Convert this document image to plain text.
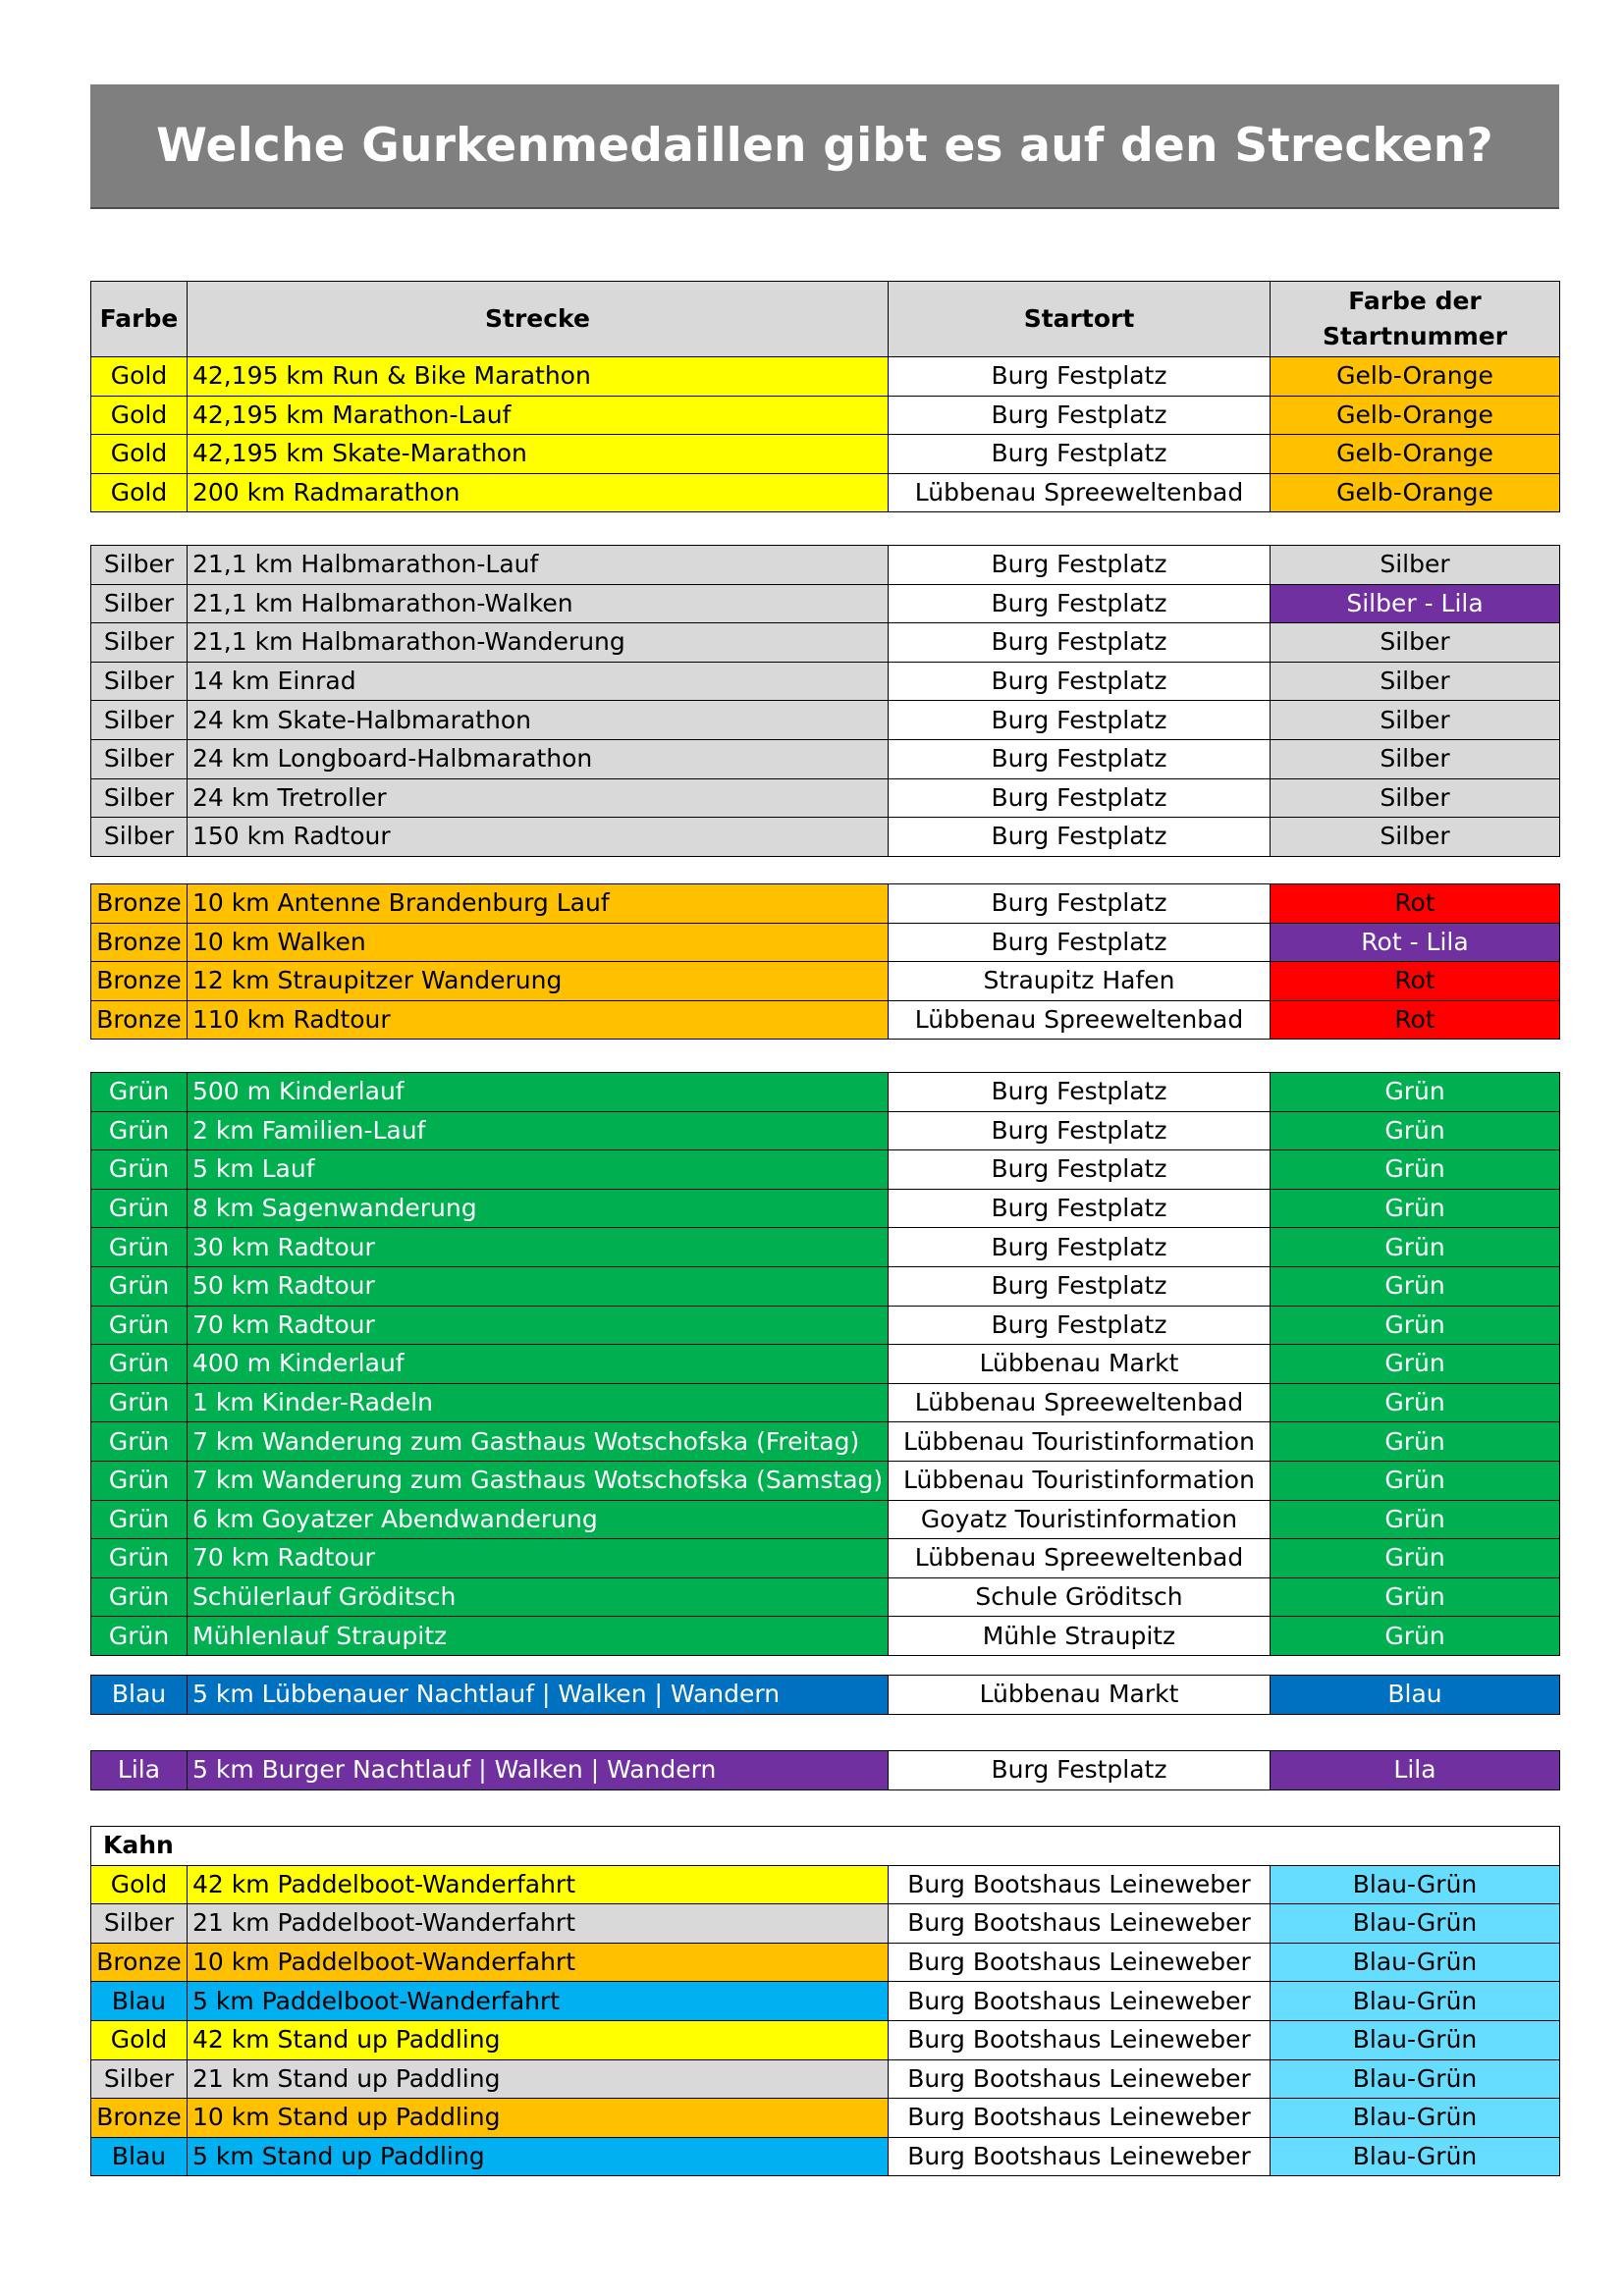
Welche Gurkenmedaillen gibt es auf den Strecken?
Farbe	Strecke	Startort	Farbe der Startnummer
Gold	42,195 km Run & Bike Marathon	Burg Festplatz	Gelb-Orange
Gold	42,195 km Marathon-Lauf	Burg Festplatz	Gelb-Orange
Gold	42,195 km Skate-Marathon	Burg Festplatz	Gelb-Orange
Gold	200 km Radmarathon	Lübbenau Spreeweltenbad	Gelb-Orange
Silber	21,1 km Halbmarathon-Lauf	Burg Festplatz	Silber
Silber	21,1 km Halbmarathon-Walken	Burg Festplatz	Silber - Lila
Silber	21,1 km Halbmarathon-Wanderung	Burg Festplatz	Silber
Silber	14 km Einrad	Burg Festplatz	Silber
Silber	24 km Skate-Halbmarathon	Burg Festplatz	Silber
Silber	24 km Longboard-Halbmarathon	Burg Festplatz	Silber
Silber	24 km Tretroller	Burg Festplatz	Silber
Silber	150 km Radtour	Burg Festplatz	Silber
Bronze	10 km Antenne Brandenburg Lauf	Burg Festplatz	Rot
Bronze	10 km Walken	Burg Festplatz	Rot - Lila
Bronze	12 km Straupitzer Wanderung	Straupitz Hafen	Rot
Bronze	110 km Radtour	Lübbenau Spreeweltenbad	Rot
Grün	500 m Kinderlauf	Burg Festplatz	Grün
Grün	2 km Familien-Lauf	Burg Festplatz	Grün
Grün	5 km Lauf	Burg Festplatz	Grün
Grün	8 km Sagenwanderung	Burg Festplatz	Grün
Grün	30 km Radtour	Burg Festplatz	Grün
Grün	50 km Radtour	Burg Festplatz	Grün
Grün	70 km Radtour	Burg Festplatz	Grün
Grün	400 m Kinderlauf	Lübbenau Markt	Grün
Grün	1 km Kinder-Radeln	Lübbenau Spreeweltenbad	Grün
Grün	7 km Wanderung zum Gasthaus Wotschofska (Freitag)	Lübbenau Touristinformation	Grün
Grün	7 km Wanderung zum Gasthaus Wotschofska (Samstag)	Lübbenau Touristinformation	Grün
Grün	6 km Goyatzer Abendwanderung	Goyatz Touristinformation	Grün
Grün	70 km Radtour	Lübbenau Spreeweltenbad	Grün
Grün	Schülerlauf Gröditsch	Schule Gröditsch	Grün
Grün	Mühlenlauf Straupitz	Mühle Straupitz	Grün
Blau	5 km Lübbenauer Nachtlauf | Walken | Wandern	Lübbenau Markt	Blau
Lila	5 km Burger Nachtlauf | Walken | Wandern	Burg Festplatz	Lila
Kahn			
Gold	42 km Paddelboot-Wanderfahrt	Burg Bootshaus Leineweber	Blau-Grün
Silber	21 km Paddelboot-Wanderfahrt	Burg Bootshaus Leineweber	Blau-Grün
Bronze	10 km Paddelboot-Wanderfahrt	Burg Bootshaus Leineweber	Blau-Grün
Blau	5 km Paddelboot-Wanderfahrt	Burg Bootshaus Leineweber	Blau-Grün
Gold	42 km Stand up Paddling	Burg Bootshaus Leineweber	Blau-Grün
Silber	21 km Stand up Paddling	Burg Bootshaus Leineweber	Blau-Grün
Bronze	10 km Stand up Paddling	Burg Bootshaus Leineweber	Blau-Grün
Blau	5 km Stand up Paddling	Burg Bootshaus Leineweber	Blau-Grün
